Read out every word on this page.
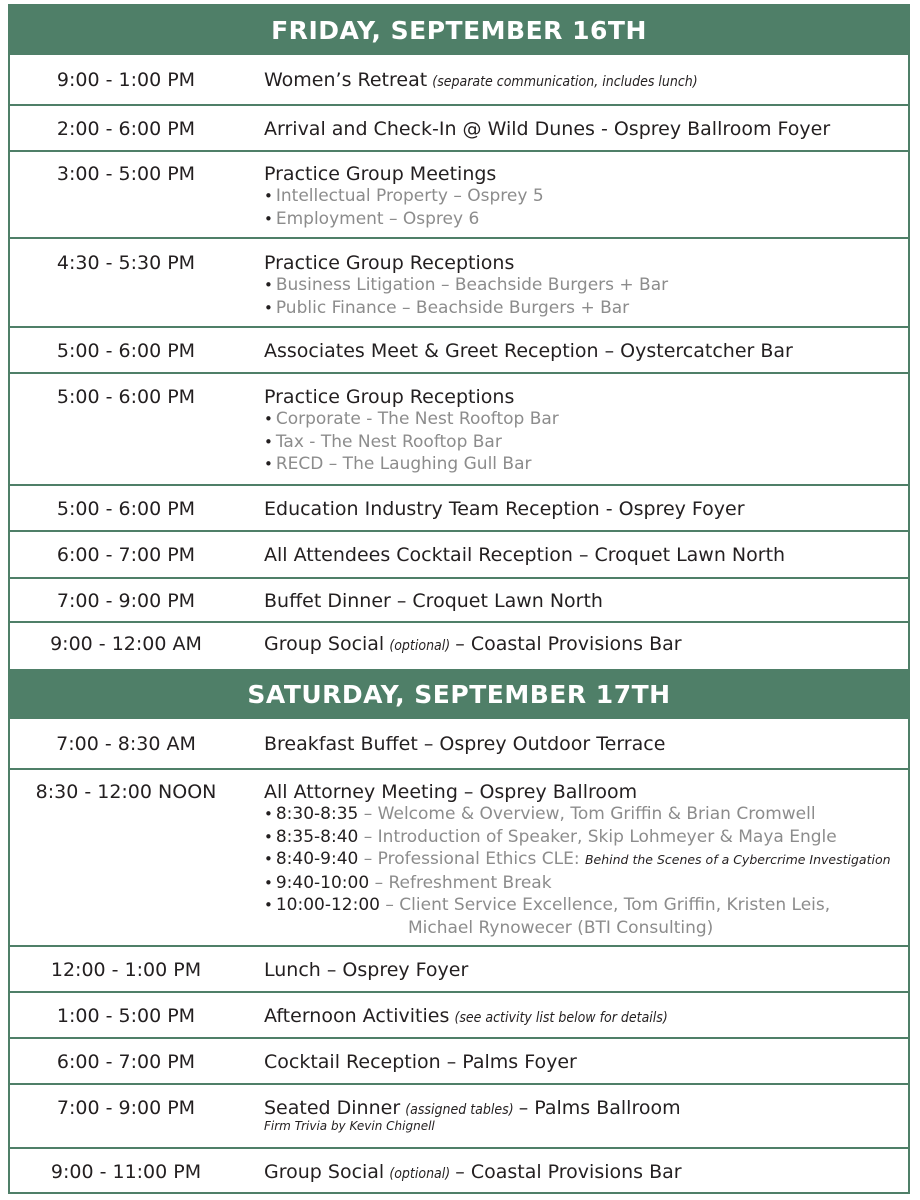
FRIDAY, SEPTEMBER 16TH
9:00 - 1:00 PM	Women’s Retreat (separate communication, includes lunch)
2:00 - 6:00 PM	Arrival and Check-In @ Wild Dunes - Osprey Ballroom Foyer
3:00 - 5:00 PM	Practice Group Meetings
• Intellectual Property – Osprey 5
• Employment – Osprey 6
4:30 - 5:30 PM	Practice Group Receptions
• Business Litigation – Beachside Burgers + Bar
• Public Finance – Beachside Burgers + Bar
5:00 - 6:00 PM	Associates Meet & Greet Reception – Oystercatcher Bar
5:00 - 6:00 PM	Practice Group Receptions
• Corporate - The Nest Rooftop Bar
• Tax - The Nest Rooftop Bar
• RECD – The Laughing Gull Bar
5:00 - 6:00 PM	Education Industry Team Reception - Osprey Foyer
6:00 - 7:00 PM	All Attendees Cocktail Reception – Croquet Lawn North
7:00 - 9:00 PM	Buffet Dinner – Croquet Lawn North
9:00 - 12:00 AM	Group Social (optional) – Coastal Provisions Bar
SATURDAY, SEPTEMBER 17TH
7:00 - 8:30 AM	Breakfast Buffet – Osprey Outdoor Terrace
8:30 - 12:00 NOON	All Attorney Meeting – Osprey Ballroom
• 8:30-8:35 – Welcome & Overview, Tom Griffin & Brian Cromwell
• 8:35-8:40 – Introduction of Speaker, Skip Lohmeyer & Maya Engle
• 8:40-9:40 – Professional Ethics CLE: Behind the Scenes of a Cybercrime Investigation
• 9:40-10:00 – Refreshment Break
• 10:00-12:00 – Client Service Excellence, Tom Griffin, Kristen Leis,
Michael Rynowecer (BTI Consulting)
12:00 - 1:00 PM	Lunch – Osprey Foyer
1:00 - 5:00 PM	Afternoon Activities (see activity list below for details)
6:00 - 7:00 PM	Cocktail Reception – Palms Foyer
7:00 - 9:00 PM	Seated Dinner (assigned tables) – Palms Ballroom
Firm Trivia by Kevin Chignell
9:00 - 11:00 PM	Group Social (optional) – Coastal Provisions Bar
